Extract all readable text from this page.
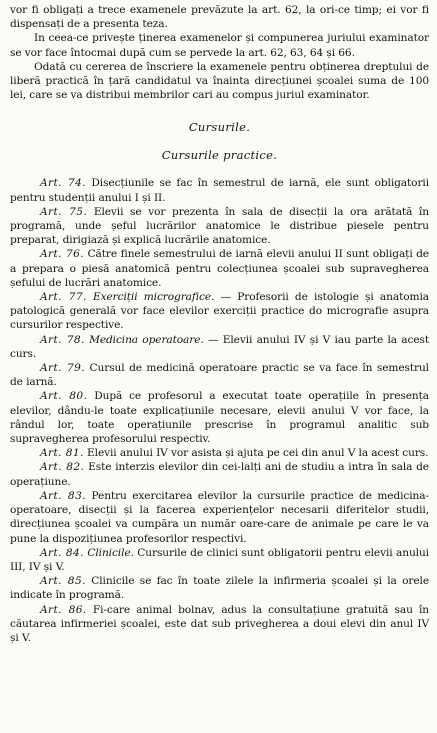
vor fi obligați a trece examenele prevăzute la art. 62, la ori-ce timp; ei vor fi dispensați de a presenta teza.

In ceea-ce privește ținerea examenelor și compunerea juriului examinator se vor face întocmai după cum se pervede la art. 62, 63, 64 și 66.

Odată cu cererea de înscriere la examenele pentru obținerea dreptului de liberă practică în țară candidatul va înainta direcțiunei școalei suma de 100 lei, care se va distribui membrilor cari au compus juriul examinator.

Cursurile.

Cursurile practice.

Art. 74. Disecțiunile se fac în semestrul de iarnă, ele sunt obligatorii pentru studenții anului I și II.

Art. 75. Elevii se vor prezenta în sala de disecții la ora arătată în programă, unde șeful lucrărilor anatomice le distribue piesele pentru preparat, dirigiază și explică lucrările anatomice.

Art. 76. Către finele semestrului de iarnă elevii anului II sunt obligați de a prepara o piesă anatomică pentru colecțiunea școalei sub supravegherea șefului de lucrări anatomice.

Art. 77. Exerciții micrografice. — Profesorii de istologie și anatomia patologică generală vor face elevilor exerciții practice do micrografie asupra cursurilor respective.

Art. 78. Medicina operatoare. — Elevii anului IV și V iau parte la acest curs.

Art. 79. Cursul de medicină operatoare practic se va face în semestrul de iarnă.

Art. 80. După ce profesorul a executat toate operațiile în presența elevilor, dându-le toate explicațiunile necesare, elevii anului V vor face, la rândul lor, toate operațiunile prescrise în programul analitic sub supravegherea profesorului respectiv.

Art. 81. Elevii anului IV vor asista și ajuta pe cei din anul V la acest curs.

Art. 82. Este interzis elevilor din cei-lalți ani de studiu a intra în sala de operațiune.

Art. 83. Pentru exercitarea elevilor la cursurile practice de medicina-operatoare, disecții și la facerea experiențelor necesarii diferitelor studii, direcțiunea școalei va cumpăra un număr oare-care de animale pe care le va pune la dispozițiunea profesorilor respectivi.

Art. 84. Clinicile. Cursurile de clinici sunt obligatorii pentru elevii anului III, IV și V.

Art. 85. Clinicile se fac în toate zilele la infirmeria școalei și la orele indicate în programă.

Art. 86. Fi-care animal bolnav, adus la consultațiune gratuită sau în căutarea infirmeriei școalei, este dat sub privegherea a doui elevi din anul IV și V.
